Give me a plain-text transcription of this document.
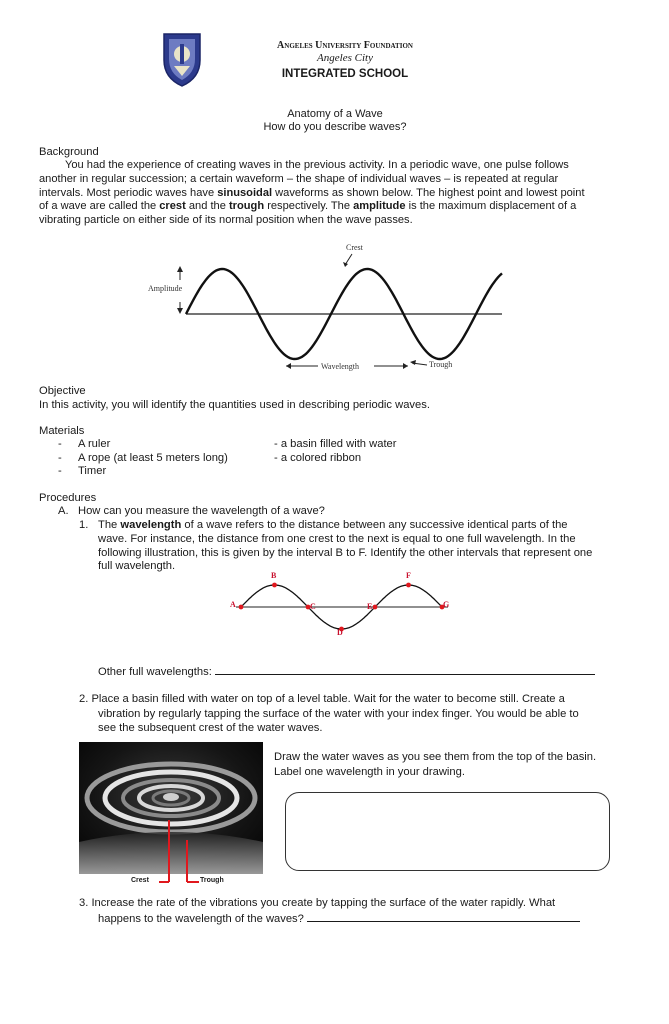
Angeles University Foundation
Angeles City
INTEGRATED SCHOOL
Anatomy of a Wave
How do you describe waves?
Background
You had the experience of creating waves in the previous activity. In a periodic wave, one pulse follows
another in regular succession; a certain waveform – the shape of individual waves – is repeated at regular
intervals. Most periodic waves have sinusoidal waveforms as shown below. The highest point and lowest point
of a wave are called the crest and the trough respectively. The amplitude is the maximum displacement of a
vibrating particle on either side of its normal position when the wave passes.
Crest
Amplitude
Wavelength	Trough
Objective
In this activity, you will identify the quantities used in describing periodic waves.
Materials
- A ruler
- A rope (at least 5 meters long)
- Timer
- a basin filled with water
- a colored ribbon
Procedures
A. How can you measure the wavelength of a wave?
1. The wavelength of a wave refers to the distance between any successive identical parts of the
wave. For instance, the distance from one crest to the next is equal to one full wavelength. In the
following illustration, this is given by the interval B to F. Identify the other intervals that represent one
full wavelength.
A
B
C
D
E
F
G
Other full wavelengths:
2. Place a basin filled with water on top of a level table. Wait for the water to become still. Create a
vibration by regularly tapping the surface of the water with your index finger. You would be able to
see the subsequent crest of the water waves.
Crest	Trough
Draw the water waves as you see them from the top of the basin.
Label one wavelength in your drawing.
3. Increase the rate of the vibrations you create by tapping the surface of the water rapidly. What
happens to the wavelength of the waves?
